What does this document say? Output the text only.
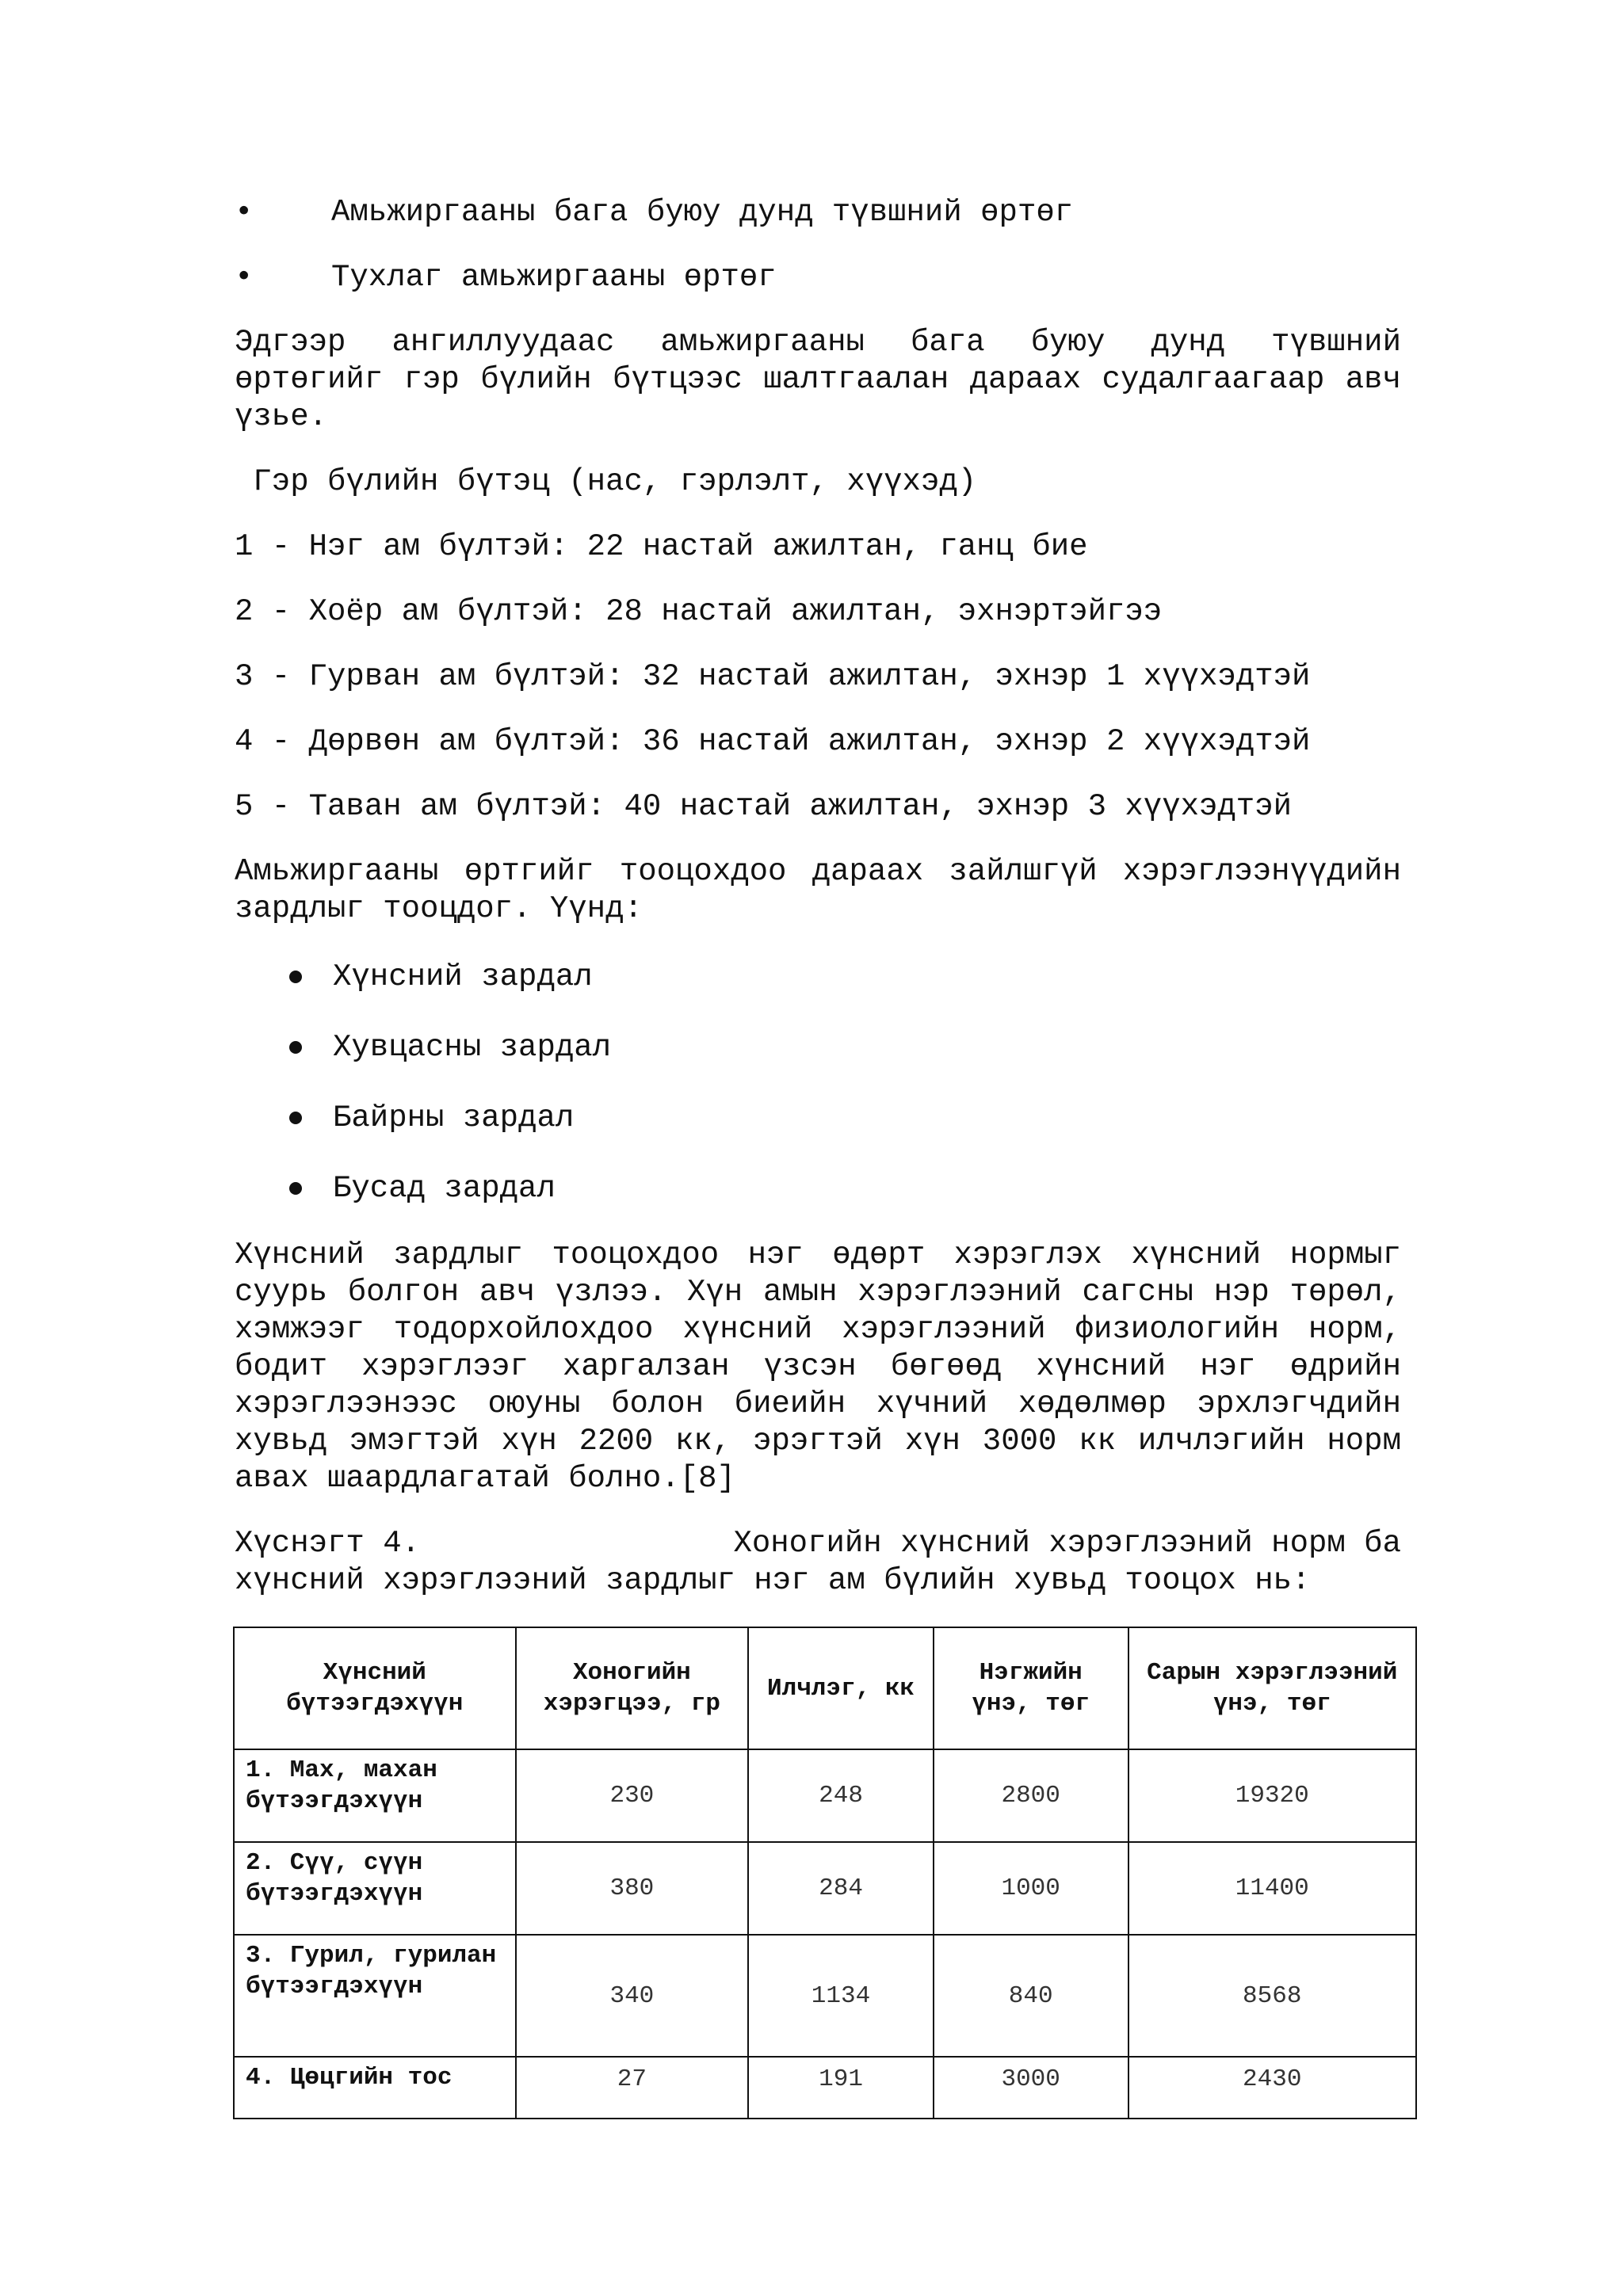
•	Амьжиргааны бага буюу дунд түвшний өртөг
•	Тухлаг амьжиргааны өртөг
Эдгээр ангиллуудаас амьжиргааны бага буюу дунд түвшний өртөгийг гэр бүлийн бүтцээс шалтгаалан дараах судалгаагаар авч үзье.
Гэр бүлийн бүтэц (нас, гэрлэлт, хүүхэд)
1 - Нэг ам бүлтэй: 22 настай ажилтан, ганц бие
2 - Хоёр ам бүлтэй: 28 настай ажилтан, эхнэртэйгээ
3 - Гурван ам бүлтэй: 32 настай ажилтан, эхнэр 1 хүүхэдтэй
4 - Дөрвөн ам бүлтэй: 36 настай ажилтан, эхнэр 2 хүүхэдтэй
5 - Таван ам бүлтэй: 40 настай ажилтан, эхнэр 3 хүүхэдтэй
Амьжиргааны өртгийг тооцохдоо дараах зайлшгүй хэрэглээнүүдийн зардлыг тооцдог. Үүнд:
Хүнсний зардал
Хувцасны зардал
Байрны зардал
Бусад зардал
Хүнсний зардлыг тооцохдоо нэг өдөрт хэрэглэх хүнсний нормыг суурь болгон авч үзлээ. Хүн амын хэрэглээний сагсны нэр төрөл, хэмжээг тодорхойлохдоо хүнсний хэрэглээний физиологийн норм, бодит хэрэглээг харгалзан үзсэн бөгөөд хүнсний нэг өдрийн хэрэглээнээс оюуны болон биеийн хүчний хөдөлмөр эрхлэгчдийн хувьд эмэгтэй хүн 2200 кк, эрэгтэй хүн 3000 кк илчлэгийн норм авах шаардлагатай болно.[8]
Хүснэгт 4.	Хоногийн хүнсний хэрэглээний норм ба
хүнсний хэрэглээний зардлыг нэг ам бүлийн хувьд тооцох нь:
Хүнсний бүтээгдэхүүн	Хоногийн хэрэгцээ, гр	Илчлэг, кк	Нэгжийн үнэ, төг	Сарын хэрэглээний үнэ, төг
1. Мах, махан бүтээгдэхүүн	230	248	2800	19320
2. Сүү, сүүн бүтээгдэхүүн	380	284	1000	11400
3. Гурил, гурилан бүтээгдэхүүн	340	1134	840	8568
4. Цөцгийн тос	27	191	3000	2430
